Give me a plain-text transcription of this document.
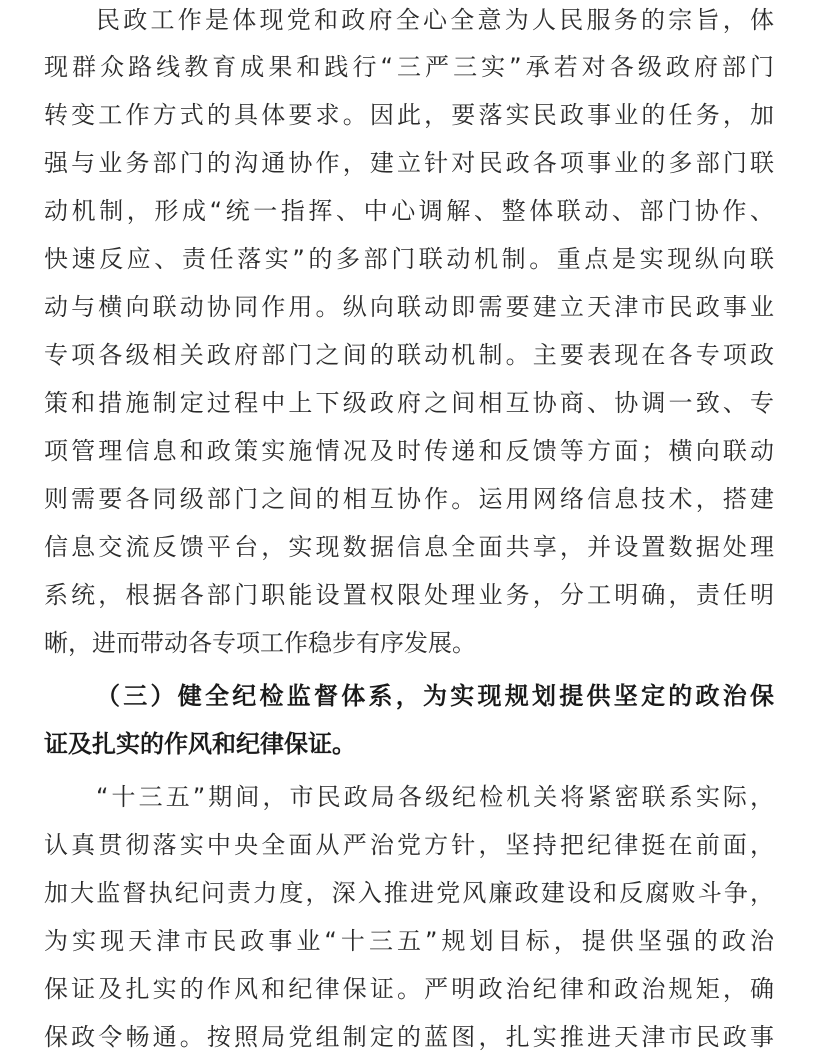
民政工作是体现党和政府全心全意为人民服务的宗旨，体
现群众路线教育成果和践行“三严三实”承若对各级政府部门
转变工作方式的具体要求。因此，要落实民政事业的任务，加
强与业务部门的沟通协作，建立针对民政各项事业的多部门联
动机制，形成“统一指挥、中心调解、整体联动、部门协作、
快速反应、责任落实”的多部门联动机制。重点是实现纵向联
动与横向联动协同作用。纵向联动即需要建立天津市民政事业
专项各级相关政府部门之间的联动机制。主要表现在各专项政
策和措施制定过程中上下级政府之间相互协商、协调一致、专
项管理信息和政策实施情况及时传递和反馈等方面；横向联动
则需要各同级部门之间的相互协作。运用网络信息技术，搭建
信息交流反馈平台，实现数据信息全面共享，并设置数据处理
系统，根据各部门职能设置权限处理业务，分工明确，责任明
晰，进而带动各专项工作稳步有序发展。
（三）健全纪检监督体系，为实现规划提供坚定的政治保
证及扎实的作风和纪律保证。
“十三五”期间，市民政局各级纪检机关将紧密联系实际，
认真贯彻落实中央全面从严治党方针，坚持把纪律挺在前面，
加大监督执纪问责力度，深入推进党风廉政建设和反腐败斗争，
为实现天津市民政事业“十三五”规划目标，提供坚强的政治
保证及扎实的作风和纪律保证。严明政治纪律和政治规矩，确
保政令畅通。按照局党组制定的蓝图，扎实推进天津市民政事
